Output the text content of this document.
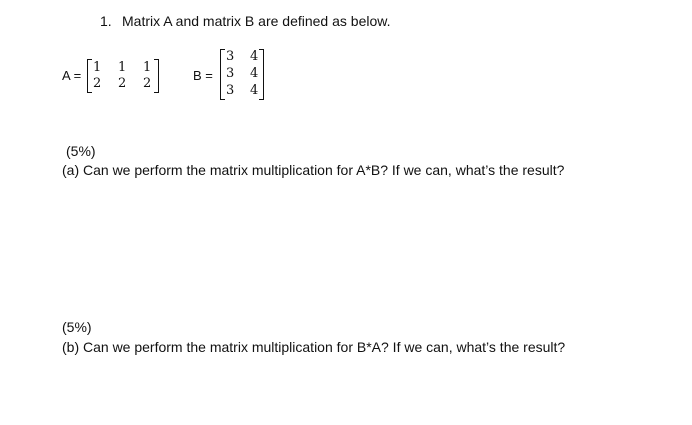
1. Matrix A and matrix B are defined as below.
A =
1 1 1
2 2 2
B =
3 4
3 4
3 4
(5%)
(a) Can we perform the matrix multiplication for A*B? If we can, what’s the result?
(5%)
(b) Can we perform the matrix multiplication for B*A? If we can, what’s the result?
